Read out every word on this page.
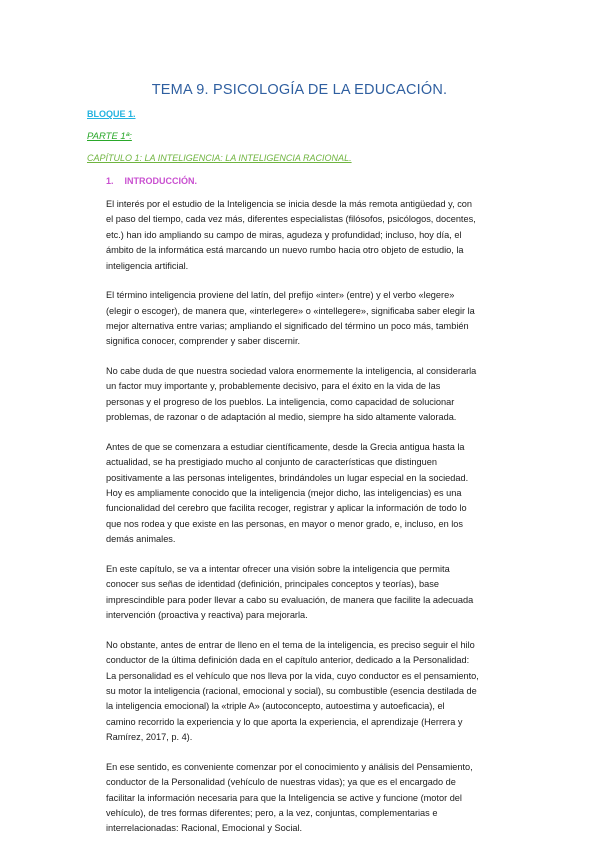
TEMA 9. PSICOLOGÍA DE LA EDUCACIÓN.
BLOQUE 1.
PARTE 1ª:
CAPÍTULO 1: LA INTELIGENCIA: LA INTELIGENCIA RACIONAL.
1. INTRODUCCIÓN.

El interés por el estudio de la Inteligencia se inicia desde la más remota antigüedad y, con
el paso del tiempo, cada vez más, diferentes especialistas (filósofos, psicólogos, docentes,
etc.) han ido ampliando su campo de miras, agudeza y profundidad; incluso, hoy día, el
ámbito de la informática está marcando un nuevo rumbo hacia otro objeto de estudio, la
inteligencia artificial.

El término inteligencia proviene del latín, del prefijo «inter» (entre) y el verbo «legere»
(elegir o escoger), de manera que, «interlegere» o «intellegere», significaba saber elegir la
mejor alternativa entre varias; ampliando el significado del término un poco más, también
significa conocer, comprender y saber discernir.

No cabe duda de que nuestra sociedad valora enormemente la inteligencia, al considerarla
un factor muy importante y, probablemente decisivo, para el éxito en la vida de las
personas y el progreso de los pueblos. La inteligencia, como capacidad de solucionar
problemas, de razonar o de adaptación al medio, siempre ha sido altamente valorada.

Antes de que se comenzara a estudiar científicamente, desde la Grecia antigua hasta la
actualidad, se ha prestigiado mucho al conjunto de características que distinguen
positivamente a las personas inteligentes, brindándoles un lugar especial en la sociedad.
Hoy es ampliamente conocido que la inteligencia (mejor dicho, las inteligencias) es una
funcionalidad del cerebro que facilita recoger, registrar y aplicar la información de todo lo
que nos rodea y que existe en las personas, en mayor o menor grado, e, incluso, en los
demás animales.

En este capítulo, se va a intentar ofrecer una visión sobre la inteligencia que permita
conocer sus señas de identidad (definición, principales conceptos y teorías), base
imprescindible para poder llevar a cabo su evaluación, de manera que facilite la adecuada
intervención (proactiva y reactiva) para mejorarla.

No obstante, antes de entrar de lleno en el tema de la inteligencia, es preciso seguir el hilo
conductor de la última definición dada en el capítulo anterior, dedicado a la Personalidad:
La personalidad es el vehículo que nos lleva por la vida, cuyo conductor es el pensamiento,
su motor la inteligencia (racional, emocional y social), su combustible (esencia destilada de
la inteligencia emocional) la «triple A» (autoconcepto, autoestima y autoeficacia), el
camino recorrido la experiencia y lo que aporta la experiencia, el aprendizaje (Herrera y
Ramírez, 2017, p. 4).

En ese sentido, es conveniente comenzar por el conocimiento y análisis del Pensamiento,
conductor de la Personalidad (vehículo de nuestras vidas); ya que es el encargado de
facilitar la información necesaria para que la Inteligencia se active y funcione (motor del
vehículo), de tres formas diferentes; pero, a la vez, conjuntas, complementarias e
interrelacionadas: Racional, Emocional y Social.
